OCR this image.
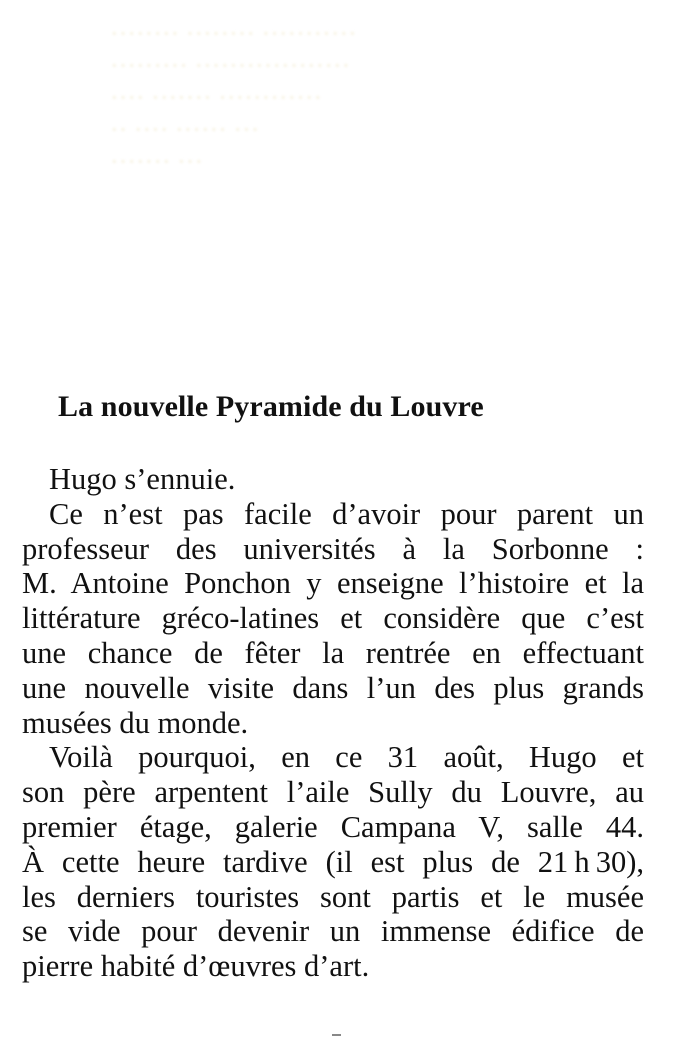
··········· ········ ········
·················· ·········
············ ······· ····
··· ······ ···· ··
··· ·······
La nouvelle Pyramide du Louvre
Hugo s’ennuie.
Ce n’est pas facile d’avoir pour parent un
professeur des universités à la Sorbonne :
M. Antoine Ponchon y enseigne l’histoire et la
littérature gréco-latines et considère que c’est
une chance de fêter la rentrée en effectuant
une nouvelle visite dans l’un des plus grands
musées du monde.
Voilà pourquoi, en ce 31 août, Hugo et
son père arpentent l’aile Sully du Louvre, au
premier étage, galerie Campana V, salle 44.
À cette heure tardive (il est plus de 21 h 30),
les derniers touristes sont partis et le musée
se vide pour devenir un immense édifice de
pierre habité d’œuvres d’art.
